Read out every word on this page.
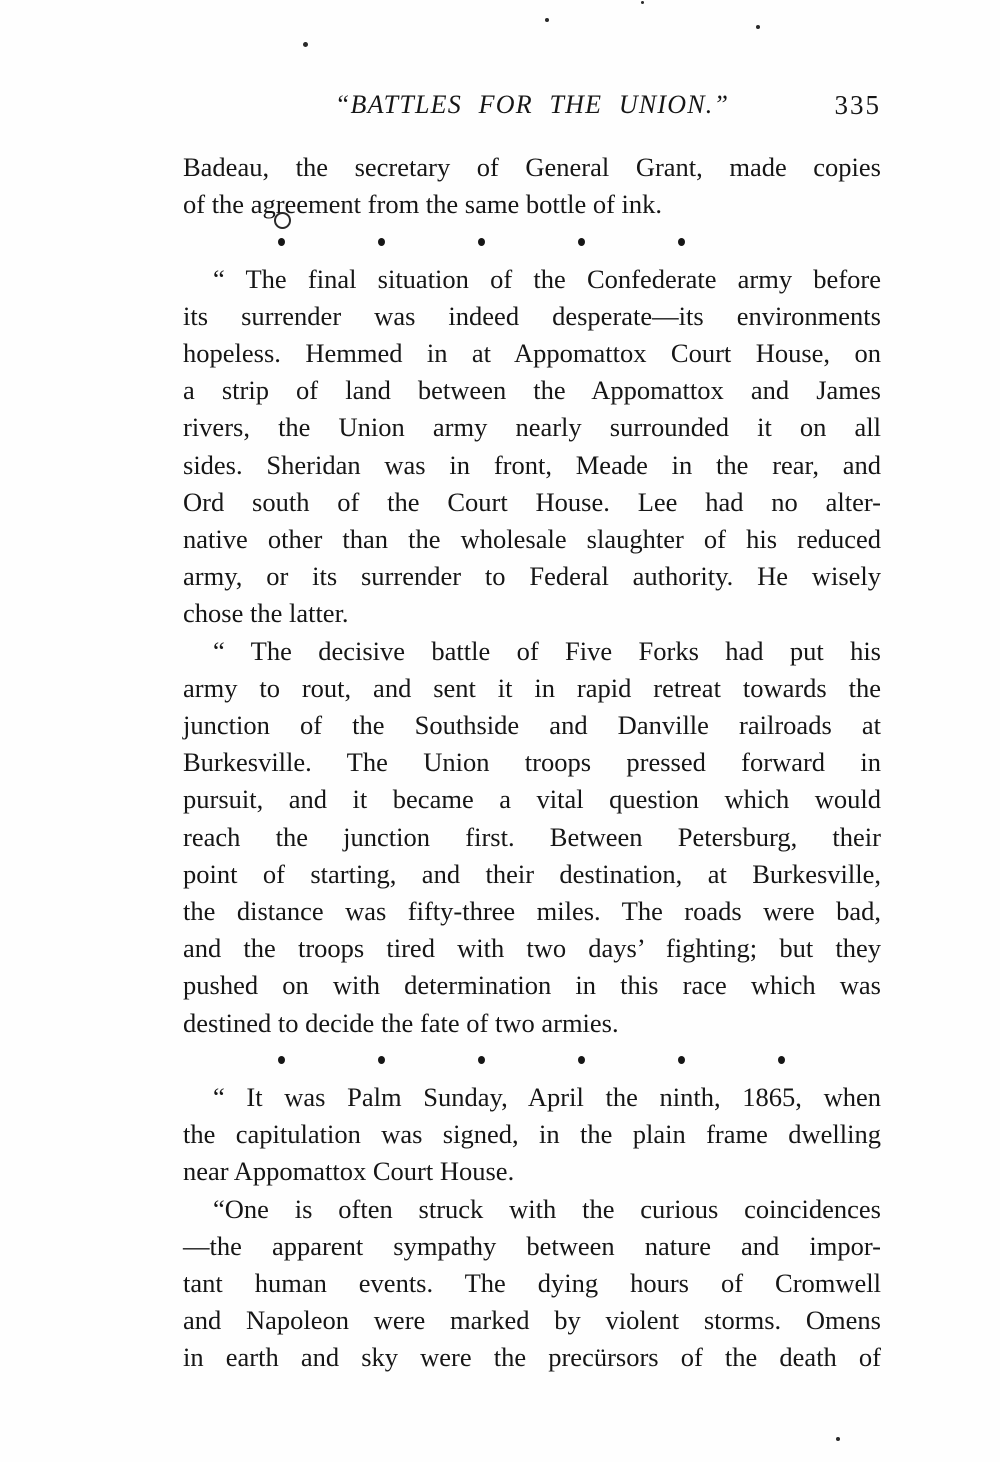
“BATTLES FOR THE UNION.”	335
Badeau, the secretary of General Grant, made copies
of the agreement from the same bottle of ink.
“ The final situation of the Confederate army before
its surrender was indeed desperate—its environments
hopeless. Hemmed in at Appomattox Court House, on
a strip of land between the Appomattox and James
rivers, the Union army nearly surrounded it on all
sides. Sheridan was in front, Meade in the rear, and
Ord south of the Court House. Lee had no alter-
native other than the wholesale slaughter of his reduced
army, or its surrender to Federal authority. He wisely
chose the latter.
“ The decisive battle of Five Forks had put his
army to rout, and sent it in rapid retreat towards the
junction of the Southside and Danville railroads at
Burkesville. The Union troops pressed forward in
pursuit, and it became a vital question which would
reach the junction first. Between Petersburg, their
point of starting, and their destination, at Burkesville,
the distance was fifty-three miles. The roads were bad,
and the troops tired with two days’ fighting; but they
pushed on with determination in this race which was
destined to decide the fate of two armies.
“ It was Palm Sunday, April the ninth, 1865, when
the capitulation was signed, in the plain frame dwelling
near Appomattox Court House.
“One is often struck with the curious coincidences
—the apparent sympathy between nature and impor-
tant human events. The dying hours of Cromwell
and Napoleon were marked by violent storms. Omens
in earth and sky were the precürsors of the death of
